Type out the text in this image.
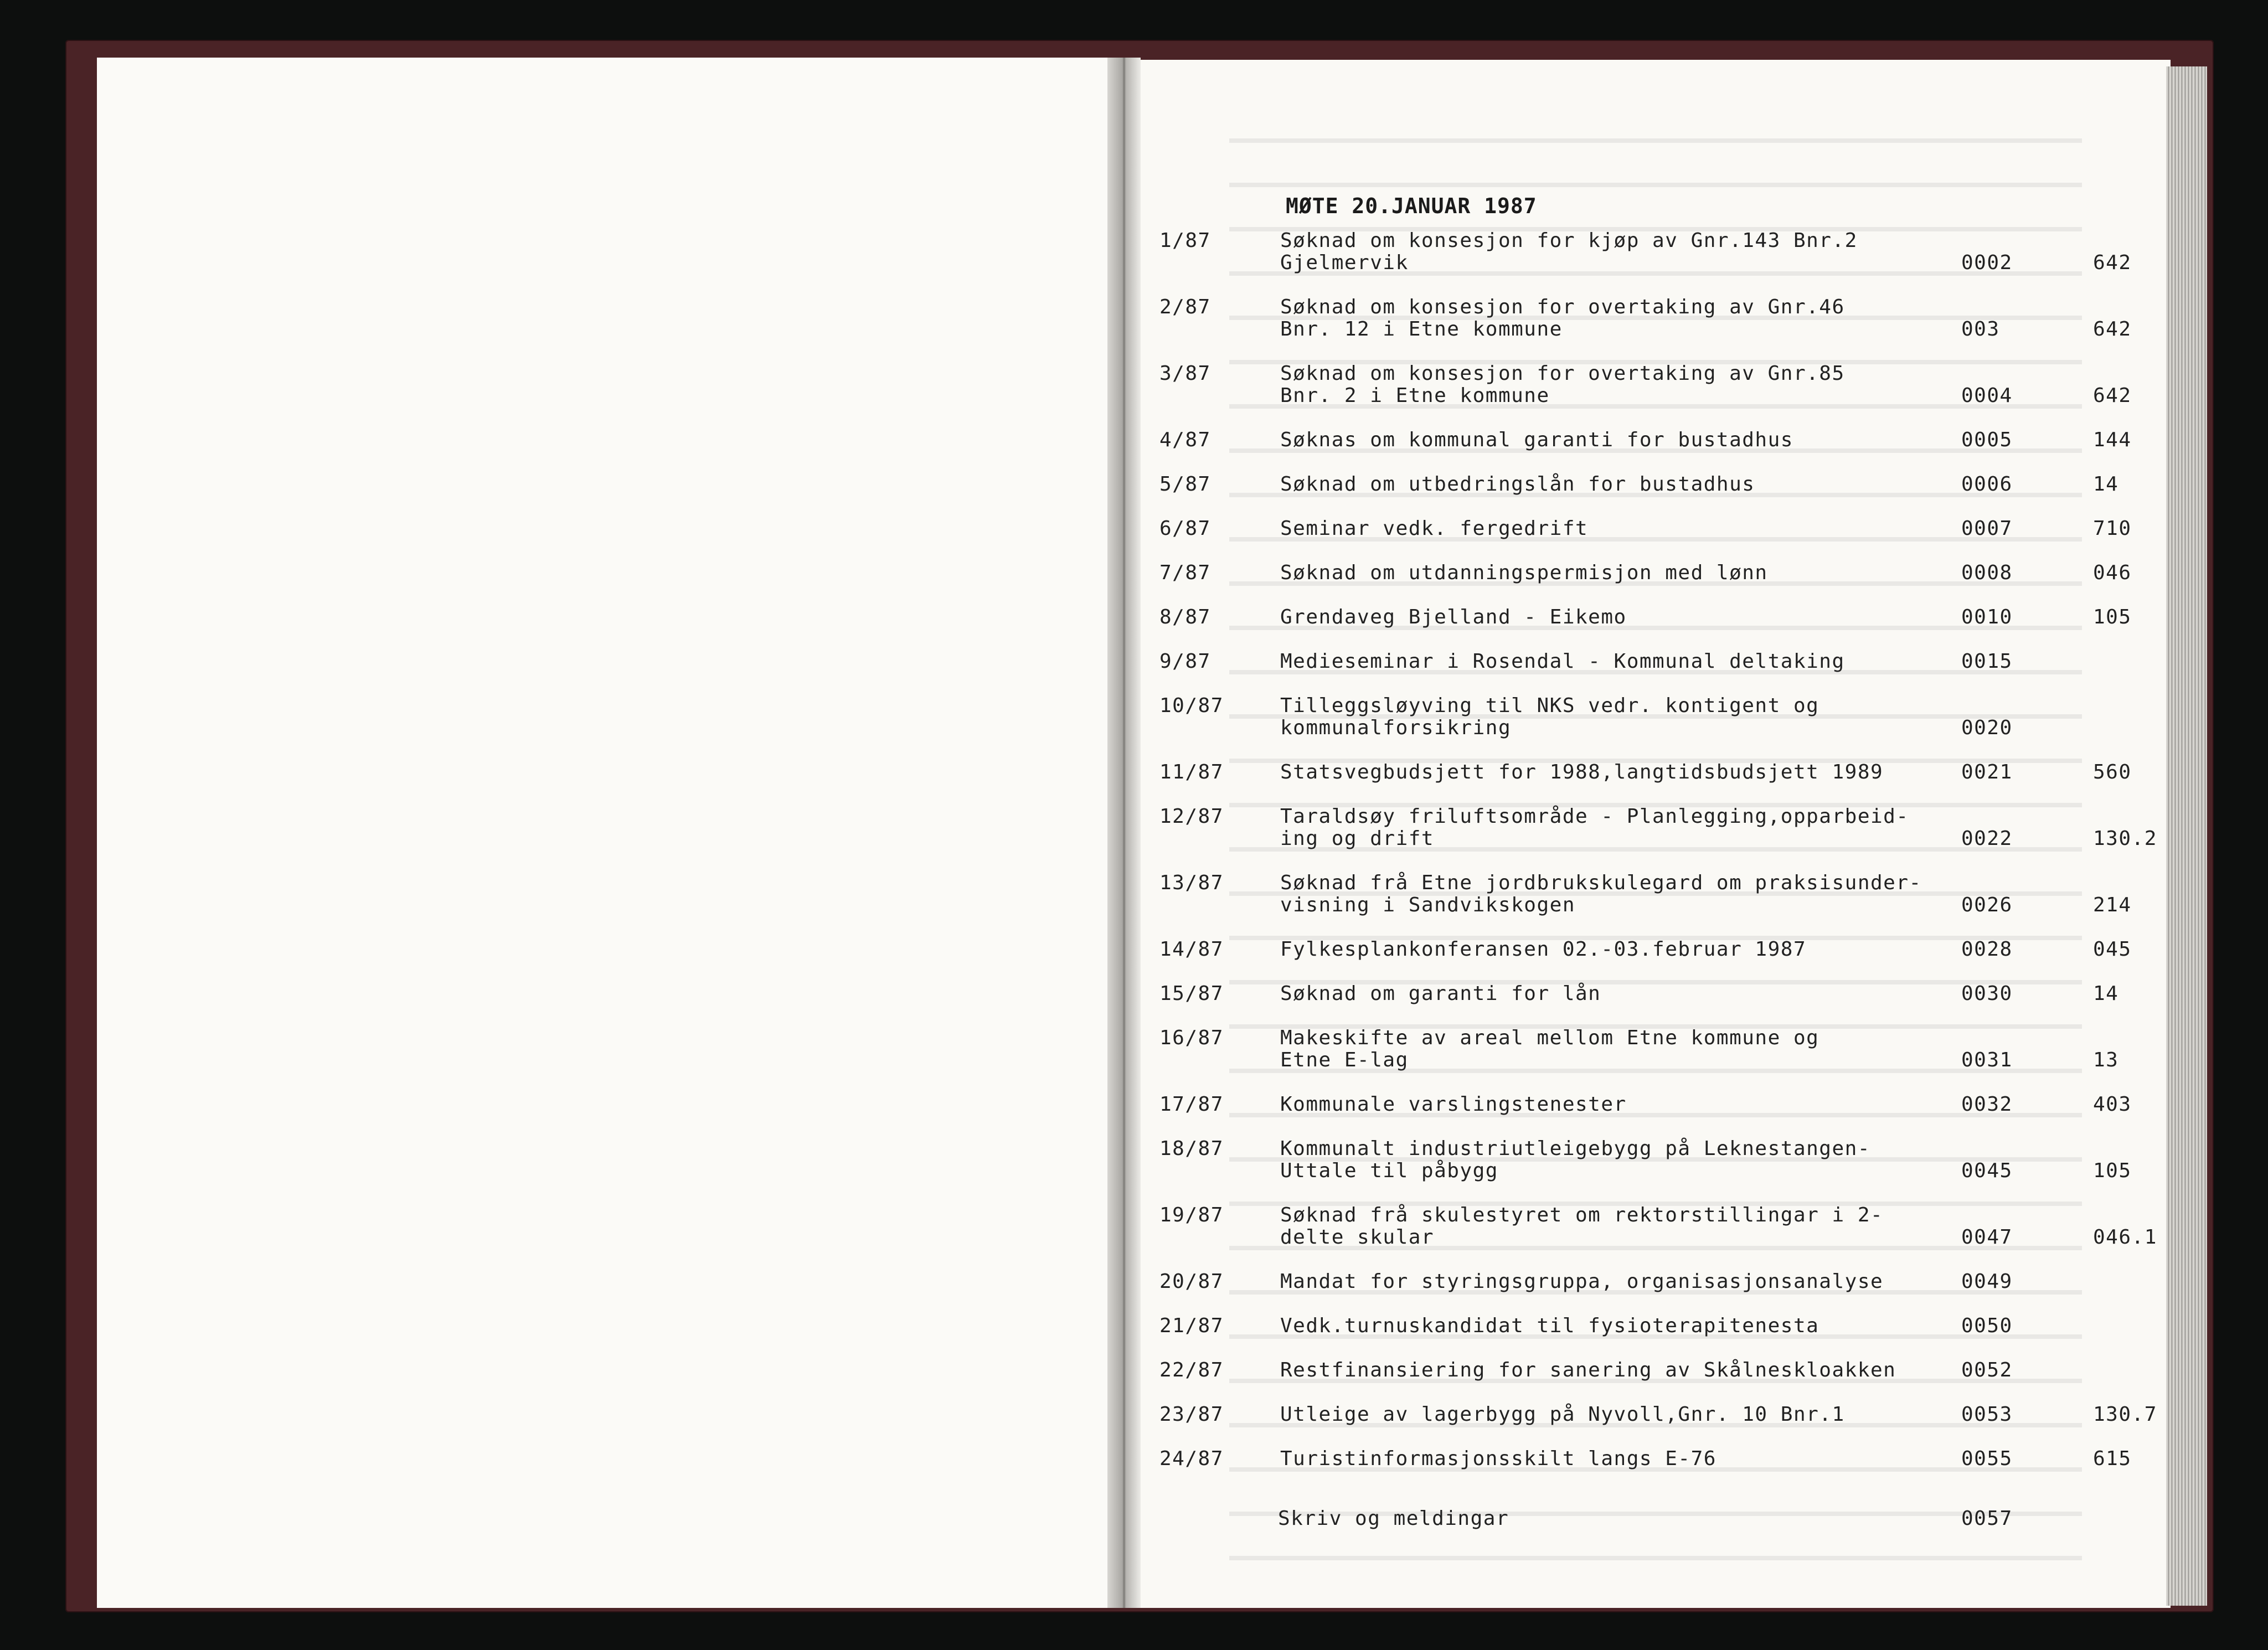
MØTE 20.JANUAR 1987
1/87	Søknad om konsesjon for kjøp av Gnr.143 Bnr.2
Gjelmervik	0002	642
2/87	Søknad om konsesjon for overtaking av Gnr.46
Bnr. 12 i Etne kommune	003	642
3/87	Søknad om konsesjon for overtaking av Gnr.85
Bnr. 2 i Etne kommune	0004	642
4/87	Søknas om kommunal garanti for bustadhus	0005	144
5/87	Søknad om utbedringslån for bustadhus	0006	14
6/87	Seminar vedk. fergedrift	0007	710
7/87	Søknad om utdanningspermisjon med lønn	0008	046
8/87	Grendaveg Bjelland - Eikemo	0010	105
9/87	Medieseminar i Rosendal - Kommunal deltaking	0015
10/87	Tilleggsløyving til NKS vedr. kontigent og
kommunalforsikring	0020
11/87	Statsvegbudsjett for 1988,langtidsbudsjett 1989	0021	560
12/87	Taraldsøy friluftsområde - Planlegging,opparbeid-
ing og drift	0022	130.2
13/87	Søknad frå Etne jordbrukskulegard om praksisunder-
visning i Sandvikskogen	0026	214
14/87	Fylkesplankonferansen 02.-03.februar 1987	0028	045
15/87	Søknad om garanti for lån	0030	14
16/87	Makeskifte av areal mellom Etne kommune og
Etne E-lag	0031	13
17/87	Kommunale varslingstenester	0032	403
18/87	Kommunalt industriutleigebygg på Leknestangen-
Uttale til påbygg	0045	105
19/87	Søknad frå skulestyret om rektorstillingar i 2-
delte skular	0047	046.1
20/87	Mandat for styringsgruppa, organisasjonsanalyse	0049
21/87	Vedk.turnuskandidat til fysioterapitenesta	0050
22/87	Restfinansiering for sanering av Skålneskloakken	0052
23/87	Utleige av lagerbygg på Nyvoll,Gnr. 10 Bnr.1	0053	130.7
24/87	Turistinformasjonsskilt langs E-76	0055	615
Skriv og meldingar	0057
